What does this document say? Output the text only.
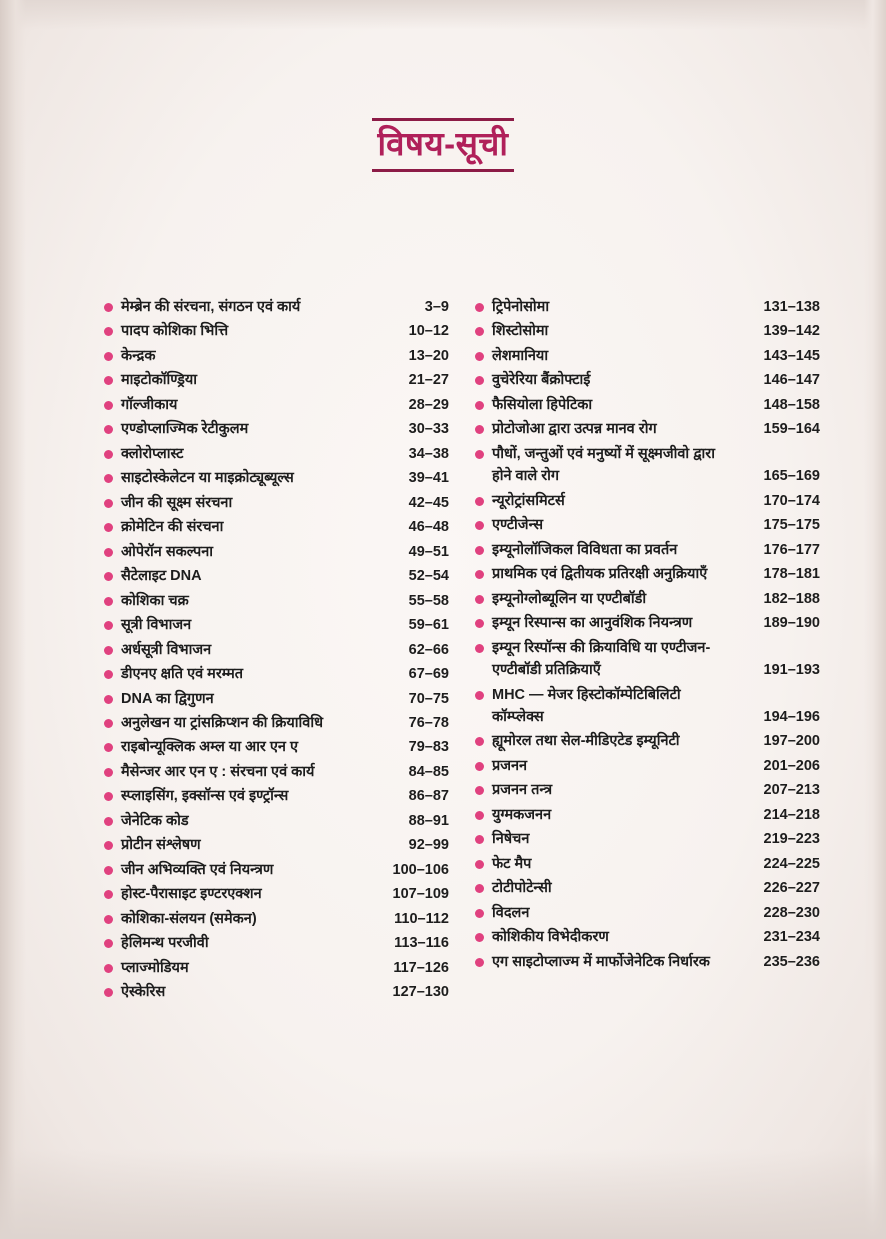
विषय-सूची
मेम्ब्रेन की संरचना, संगठन एवं कार्य	3–9
पादप कोशिका भित्ति	10–12
केन्द्रक	13–20
माइटोकॉण्ड्रिया	21–27
गॉल्जीकाय	28–29
एण्डोप्लाज्मिक रेटीकुलम	30–33
क्लोरोप्लास्ट	34–38
साइटोस्केलेटन या माइक्रोट्यूब्यूल्स	39–41
जीन की सूक्ष्म संरचना	42–45
क्रोमेटिन की संरचना	46–48
ओपेरॉन सकल्पना	49–51
सैटेलाइट DNA	52–54
कोशिका चक्र	55–58
सूत्री विभाजन	59–61
अर्धसूत्री विभाजन	62–66
डीएनए क्षति एवं मरम्मत	67–69
DNA का द्विगुणन	70–75
अनुलेखन या ट्रांसक्रिप्शन की क्रियाविधि	76–78
राइबोन्यूक्लिक अम्ल या आर एन ए	79–83
मैसेन्जर आर एन ए : संरचना एवं कार्य	84–85
स्प्लाइसिंग, इक्सॉन्स एवं इण्ट्रॉन्स	86–87
जेनेटिक कोड	88–91
प्रोटीन संश्लेषण	92–99
जीन अभिव्यक्ति एवं नियन्त्रण	100–106
होस्ट-पैरासाइट इण्टरएक्शन	107–109
कोशिका-संलयन (समेकन)	110–112
हेलिमन्थ परजीवी	113–116
प्लाज्मोडियम	117–126
ऐस्केरिस	127–130
ट्रिपेनोसोमा	131–138
शिस्टोसोमा	139–142
लेशमानिया	143–145
वुचेरेरिया बैंक्रोफ्टाई	146–147
फैसियोला हिपेटिका	148–158
प्रोटोजोआ द्वारा उत्पन्न मानव रोग	159–164
पौधों, जन्तुओं एवं मनुष्यों में सूक्ष्मजीवो द्वारा होने वाले रोग	165–169
न्यूरोट्रांसमिटर्स	170–174
एण्टीजेन्स	175–175
इम्यूनोलॉजिकल विविधता का प्रवर्तन	176–177
प्राथमिक एवं द्वितीयक प्रतिरक्षी अनुक्रियाएँ	178–181
इम्यूनोग्लोब्यूलिन या एण्टीबॉडी	182–188
इम्यून रिस्पान्स का आनुवंशिक नियन्त्रण	189–190
इम्यून रिस्पॉन्स की क्रियाविधि या एण्टीजन-एण्टीबॉडी प्रतिक्रियाएँ	191–193
MHC — मेजर हिस्टोकॉम्पेटिबिलिटी कॉम्प्लेक्स	194–196
ह्यूमोरल तथा सेल-मीडिएटेड इम्यूनिटी	197–200
प्रजनन	201–206
प्रजनन तन्त्र	207–213
युग्मकजनन	214–218
निषेचन	219–223
फेट मैप	224–225
टोटीपोटेन्सी	226–227
विदलन	228–230
कोशिकीय विभेदीकरण	231–234
एग साइटोप्लाज्म में मार्फोजेनेटिक निर्धारक	235–236
